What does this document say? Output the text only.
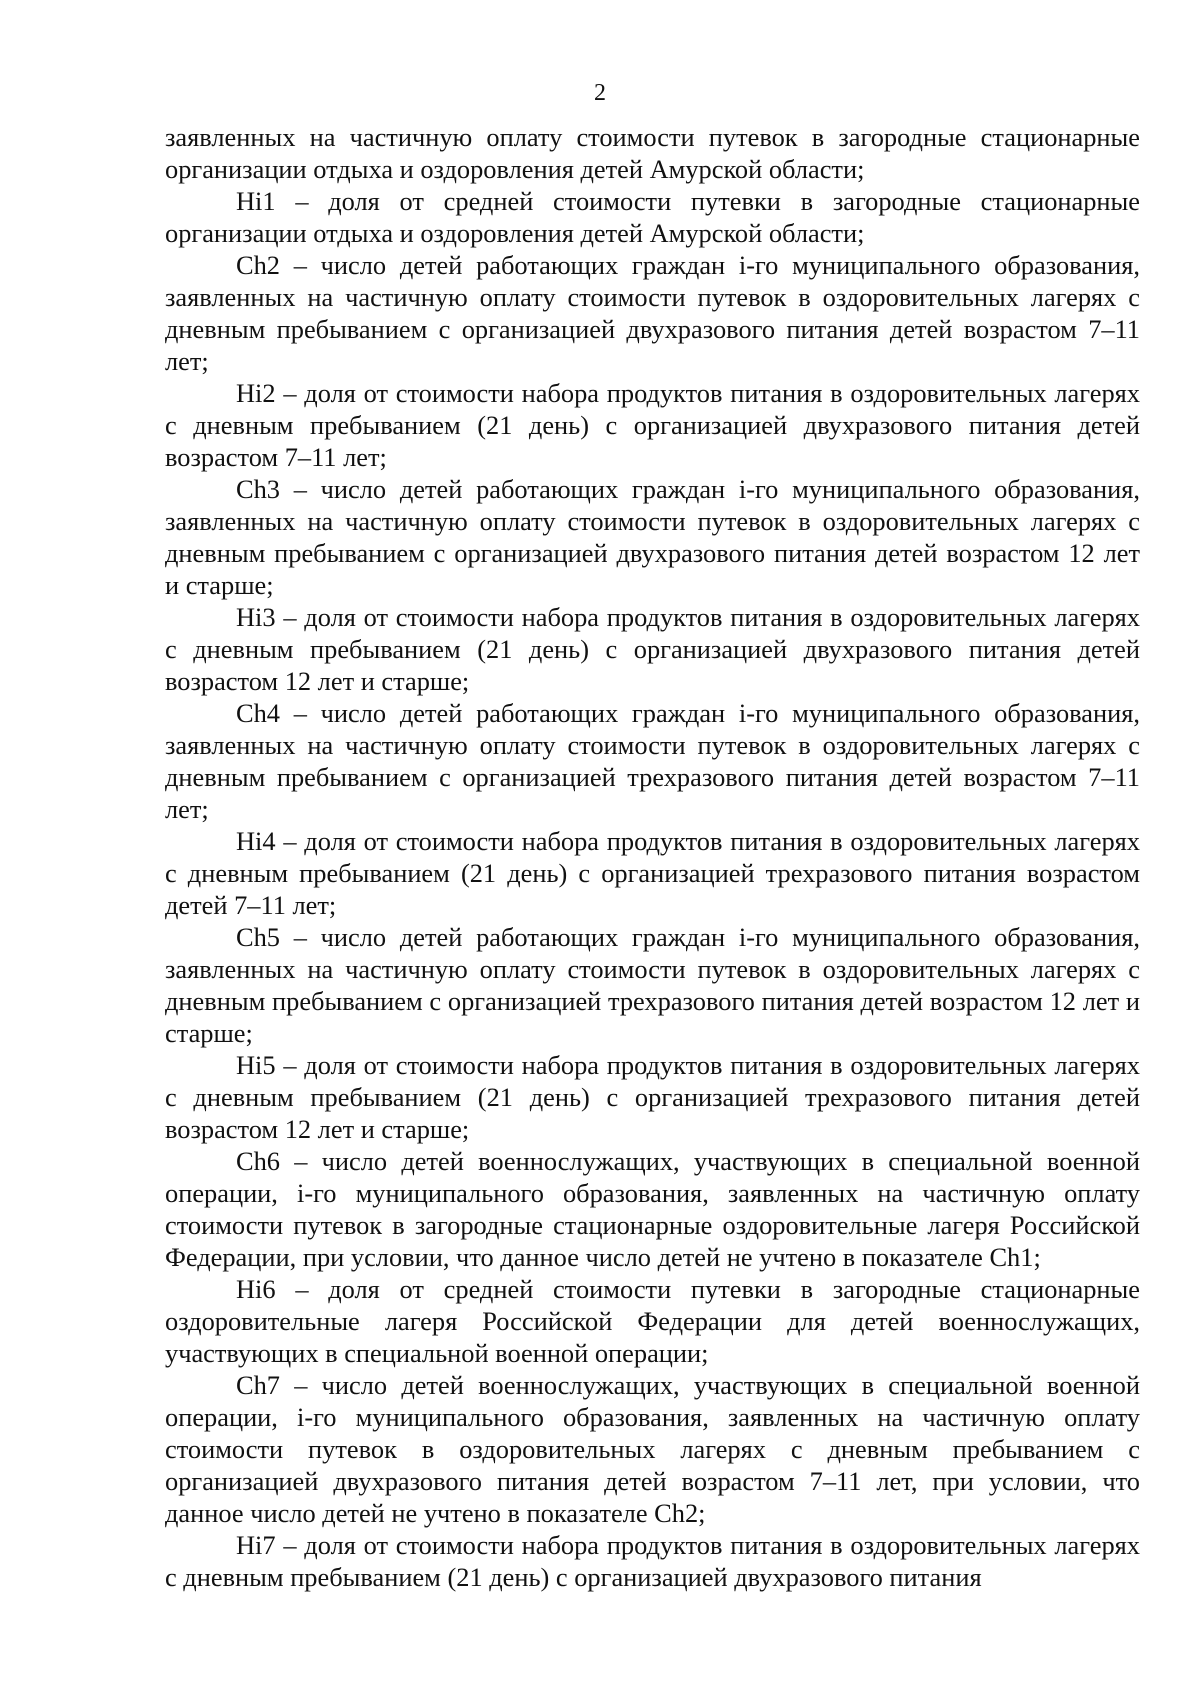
2

заявленных на частичную оплату стоимости путевок в загородные стационарные организации отдыха и оздоровления детей Амурской области;

Hi1 – доля от средней стоимости путевки в загородные стационарные организации отдыха и оздоровления детей Амурской области;

Ch2 – число детей работающих граждан i-го муниципального образования, заявленных на частичную оплату стоимости путевок в оздоровительных лагерях с дневным пребыванием с организацией двухразового питания детей возрастом 7–11 лет;

Hi2 – доля от стоимости набора продуктов питания в оздоровительных лагерях с дневным пребыванием (21 день) с организацией двухразового питания детей возрастом 7–11 лет;

Ch3 – число детей работающих граждан i-го муниципального образования, заявленных на частичную оплату стоимости путевок в оздоровительных лагерях с дневным пребыванием с организацией двухразового питания детей возрастом 12 лет и старше;

Hi3 – доля от стоимости набора продуктов питания в оздоровительных лагерях с дневным пребыванием (21 день) с организацией двухразового питания детей возрастом 12 лет и старше;

Ch4 – число детей работающих граждан i-го муниципального образования, заявленных на частичную оплату стоимости путевок в оздоровительных лагерях с дневным пребыванием с организацией трехразового питания детей возрастом 7–11 лет;

Hi4 – доля от стоимости набора продуктов питания в оздоровительных лагерях с дневным пребыванием (21 день) с организацией трехразового питания возрастом детей 7–11 лет;

Ch5 – число детей работающих граждан i-го муниципального образования, заявленных на частичную оплату стоимости путевок в оздоровительных лагерях с дневным пребыванием с организацией трехразового питания детей возрастом 12 лет и старше;

Hi5 – доля от стоимости набора продуктов питания в оздоровительных лагерях с дневным пребыванием (21 день) с организацией трехразового питания детей возрастом 12 лет и старше;

Ch6 – число детей военнослужащих, участвующих в специальной военной операции, i-го муниципального образования, заявленных на частичную оплату стоимости путевок в загородные стационарные оздоровительные лагеря Российской Федерации, при условии, что данное число детей не учтено в показателе Ch1;

Hi6 – доля от средней стоимости путевки в загородные стационарные оздоровительные лагеря Российской Федерации для детей военнослужащих, участвующих в специальной военной операции;

Ch7 – число детей военнослужащих, участвующих в специальной военной операции, i-го муниципального образования, заявленных на частичную оплату стоимости путевок в оздоровительных лагерях с дневным пребыванием с организацией двухразового питания детей возрастом 7–11 лет, при условии, что данное число детей не учтено в показателе Ch2;

Hi7 – доля от стоимости набора продуктов питания в оздоровительных лагерях с дневным пребыванием (21 день) с организацией двухразового питания
